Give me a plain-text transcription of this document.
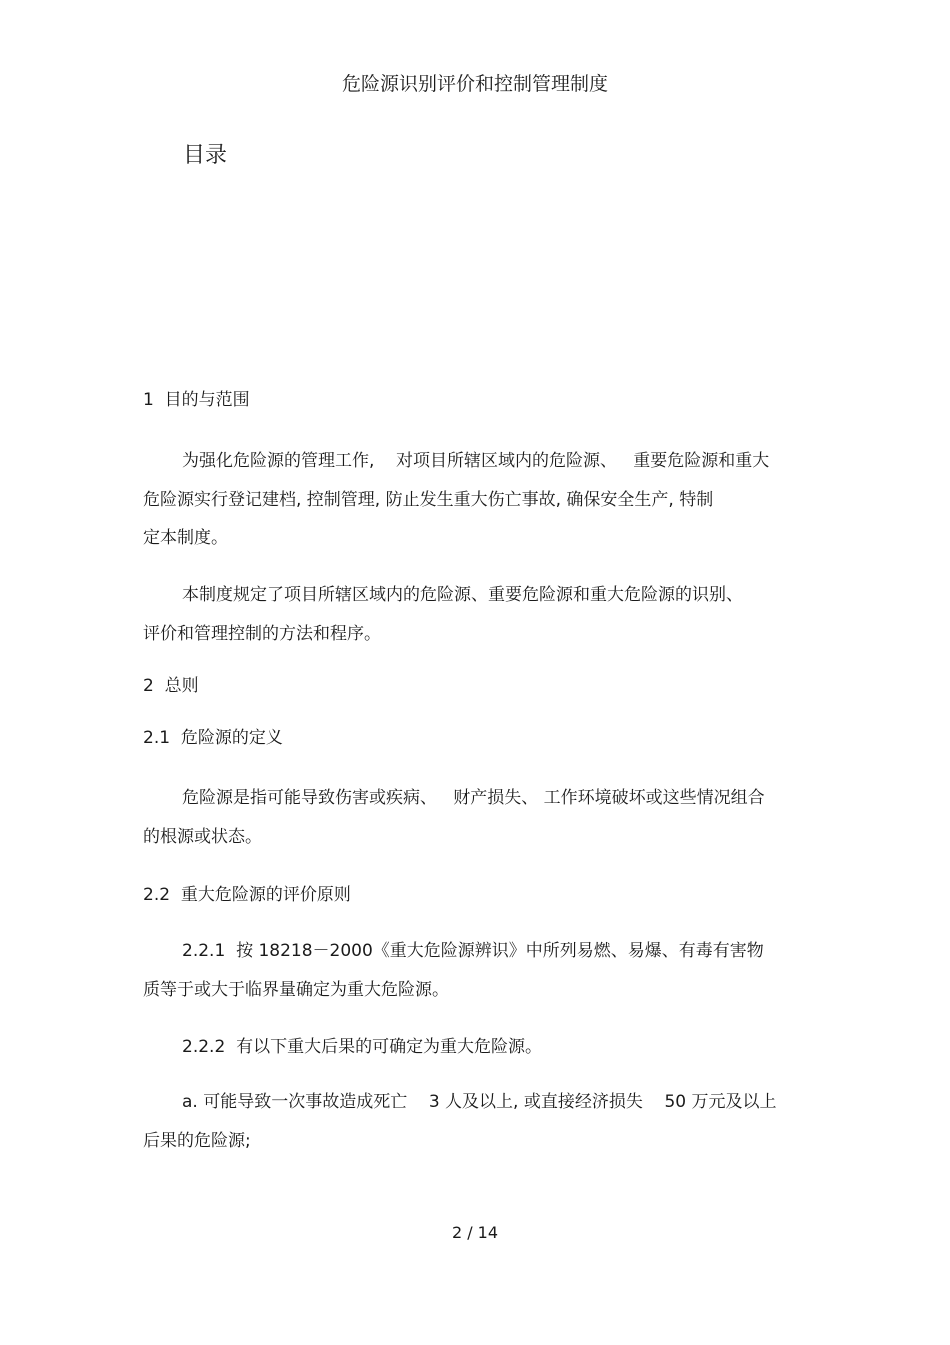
危险源识别评价和控制管理制度
目录
1  目的与范围
为强化危险源的管理工作,    对项目所辖区域内的危险源、   重要危险源和重大
危险源实行登记建档, 控制管理, 防止发生重大伤亡事故, 确保安全生产, 特制
定本制度。
本制度规定了项目所辖区域内的危险源、重要危险源和重大危险源的识别、
评价和管理控制的方法和程序。
2  总则
2.1  危险源的定义
危险源是指可能导致伤害或疾病、   财产损失、 工作环境破坏或这些情况组合
的根源或状态。
2.2  重大危险源的评价原则
2.2.1  按 18218－2000《重大危险源辨识》中所列易燃、易爆、有毒有害物
质等于或大于临界量确定为重大危险源。
2.2.2  有以下重大后果的可确定为重大危险源。
a. 可能导致一次事故造成死亡    3 人及以上, 或直接经济损失    50 万元及以上
后果的危险源;
2 / 14
